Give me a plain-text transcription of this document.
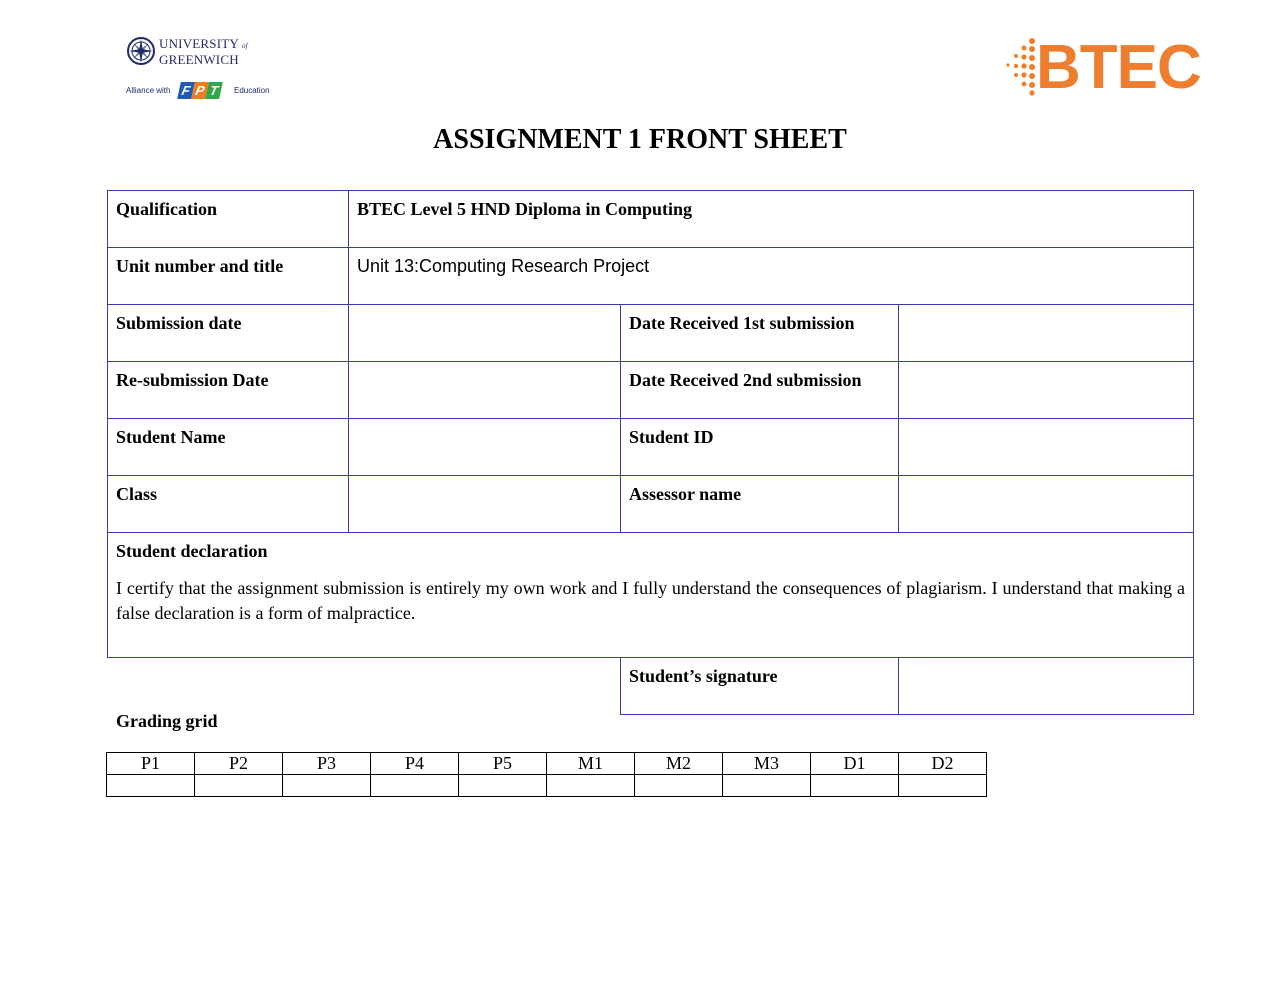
UNIVERSITY of
GREENWICH
Alliance with F P T	Education	BTEC
ASSIGNMENT 1 FRONT SHEET
Qualification	BTEC Level 5 HND Diploma in Computing		
Unit number and title	Unit 13:Computing Research Project		
Submission date		Date Received 1st submission	
Re-submission Date		Date Received 2nd submission	
Student Name		Student ID	
Class		Assessor name	

Student declaration
I certify that the assignment submission is entirely my own work and I fully understand the consequences of plagiarism. I understand that making a false declaration is a form of malpractice.			

		Student’s signature	
Grading grid
P1	P2	P3	P4	P5	M1	M2	M3	D1	D2
